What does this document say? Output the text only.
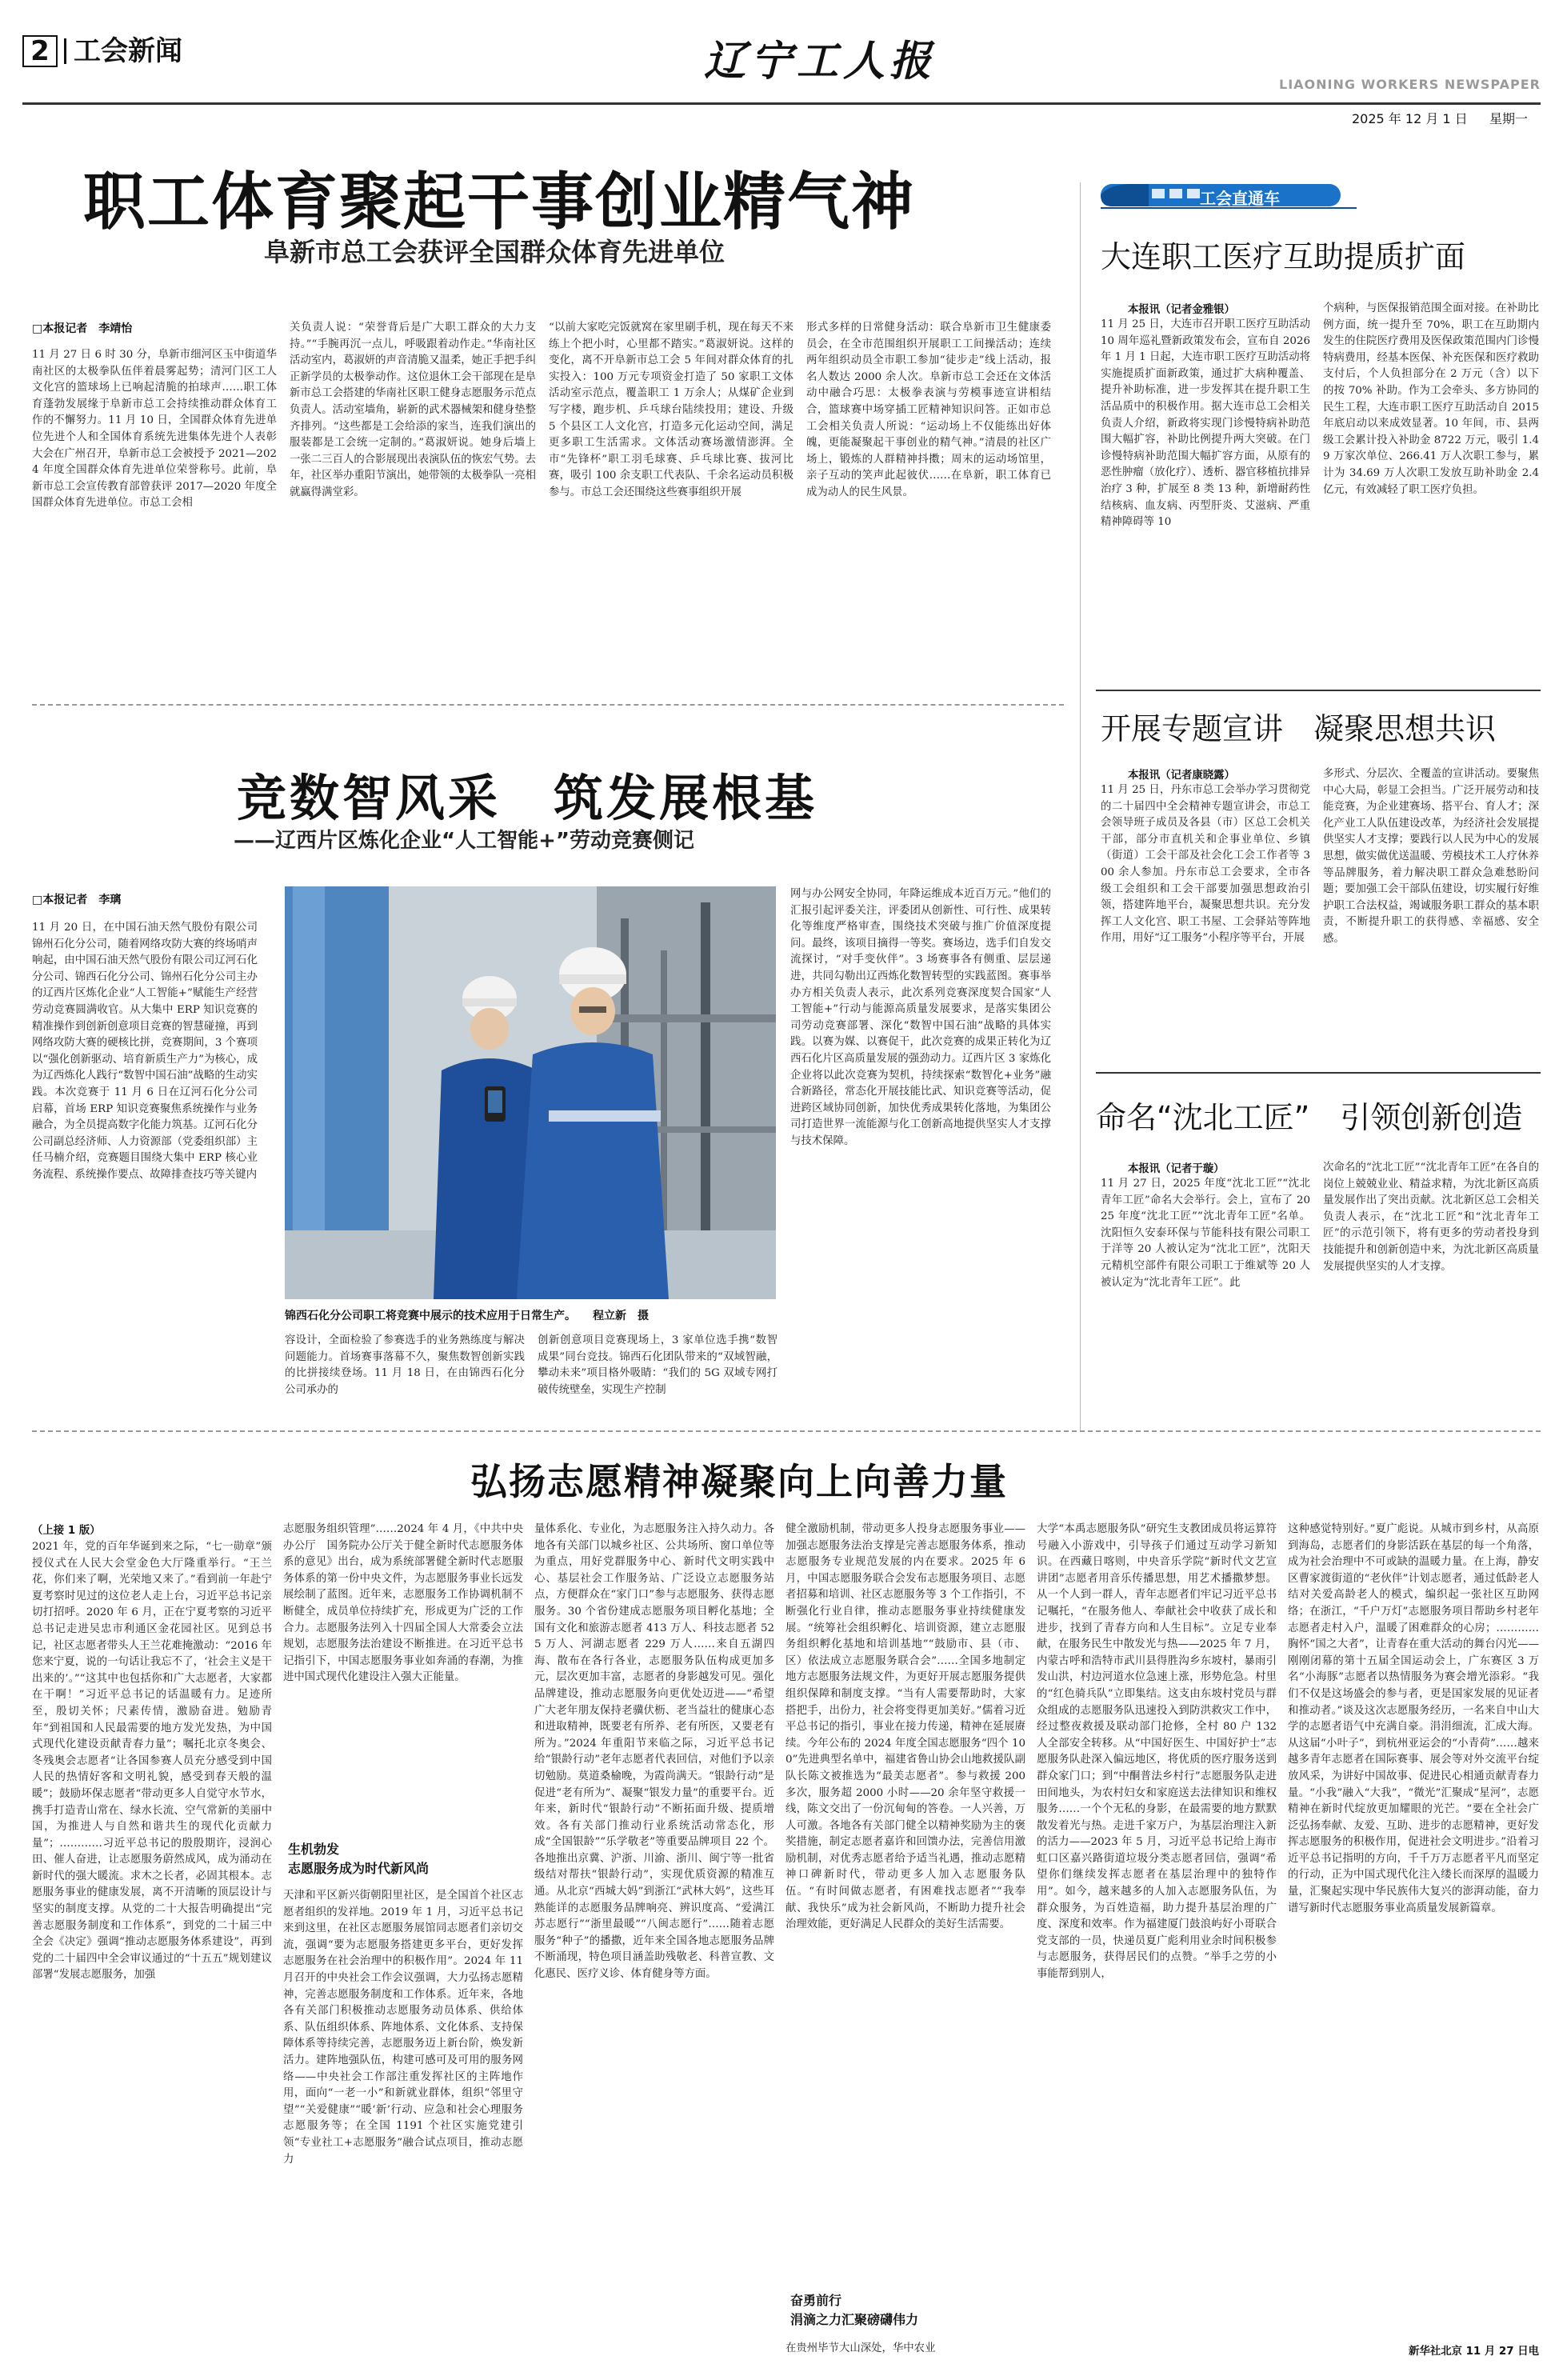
2 工会新闻	辽宁工人报	LIAONING WORKERS NEWSPAPER
星期一
2025 年 12 月 1 日
职工体育聚起干事创业精气神
阜新市总工会获评全国群众体育先进单位
□本报记者　李靖怡
11 月 27 日 6 时 30 分，阜新市细河区玉中街道华南社区的太极拳队伍伴着晨雾起势；清河门区工人文化宫的篮球场上已响起清脆的拍球声……职工体育蓬勃发展缘于阜新市总工会持续推动群众体育工作的不懈努力。11 月 10 日，全国群众体育先进单位先进个人和全国体育系统先进集体先进个人表彰大会在广州召开，阜新市总工会被授予 2021—2024 年度全国群众体育先进单位荣誉称号。此前，阜新市总工会宣传教育部曾获评 2017—2020 年度全国群众体育先进单位。市总工会相
关负责人说：“荣誉背后是广大职工群众的大力支持。”“手腕再沉一点儿，呼吸跟着动作走。”华南社区活动室内，葛淑妍的声音清脆又温柔，她正手把手纠正新学员的太极拳动作。这位退休工会干部现在是阜新市总工会搭建的华南社区职工健身志愿服务示范点负责人。活动室墙角，崭新的武术器械架和健身垫整齐排列。“这些都是工会给添的家当，连我们演出的服装都是工会统一定制的。”葛淑妍说。她身后墙上一张二三百人的合影展现出表演队伍的恢宏气势。去年，社区举办重阳节演出，她带领的太极拳队一亮相就赢得满堂彩。
“以前大家吃完饭就窝在家里刷手机，现在每天不来练上个把小时，心里都不踏实。”葛淑妍说。这样的变化，离不开阜新市总工会 5 年间对群众体育的扎实投入：100 万元专项资金打造了 50 家职工文体活动室示范点，覆盖职工 1 万余人；从煤矿企业到写字楼，跑步机、乒乓球台陆续投用；建设、升级 5 个县区工人文化宫，打造多元化运动空间，满足更多职工生活需求。文体活动赛场激情澎湃。全市“先锋杯”职工羽毛球赛、乒乓球比赛、拔河比赛，吸引 100 余支职工代表队、千余名运动员积极参与。市总工会还围绕这些赛事组织开展
形式多样的日常健身活动：联合阜新市卫生健康委员会，在全市范围组织开展职工工间操活动；连续两年组织动员全市职工参加“徒步走”线上活动，报名人数达 2000 余人次。阜新市总工会还在文体活动中融合巧思：太极拳表演与劳模事迹宣讲相结合，篮球赛中场穿插工匠精神知识问答。正如市总工会相关负责人所说：“运动场上不仅能练出好体魄，更能凝聚起干事创业的精气神。”清晨的社区广场上，锻炼的人群精神抖擞；周末的运动场馆里，亲子互动的笑声此起彼伏……在阜新，职工体育已成为动人的民生风景。
工会直通车
大连职工医疗互助提质扩面
本报讯（记者金雅银）
11 月 25 日，大连市召开职工医疗互助活动 10 周年巡礼暨新政策发布会，宣布自 2026 年 1 月 1 日起，大连市职工医疗互助活动将实施提质扩面新政策，通过扩大病种覆盖、提升补助标准，进一步发挥其在提升职工生活品质中的积极作用。据大连市总工会相关负责人介绍，新政将实现门诊慢特病补助范围大幅扩容，补助比例提升两大突破。在门诊慢特病补助范围大幅扩容方面，从原有的恶性肿瘤（放化疗）、透析、器官移植抗排异治疗 3 种，扩展至 8 类 13 种，新增耐药性结核病、血友病、丙型肝炎、艾滋病、严重精神障碍等 10
个病种，与医保报销范围全面对接。在补助比例方面，统一提升至 70%，职工在互助期内发生的住院医疗费用及医保政策范围内门诊慢特病费用，经基本医保、补充医保和医疗救助支付后，个人负担部分在 2 万元（含）以下的按 70% 补助。作为工会牵头、多方协同的民生工程，大连市职工医疗互助活动自 2015 年底启动以来成效显著。10 年间，市、县两级工会累计投入补助金 8722 万元，吸引 1.49 万家次单位、266.41 万人次职工参与，累计为 34.69 万人次职工发放互助补助金 2.4 亿元，有效减轻了职工医疗负担。
开展专题宣讲　凝聚思想共识
本报讯（记者康晓露）
11 月 25 日，丹东市总工会举办学习贯彻党的二十届四中全会精神专题宣讲会，市总工会领导班子成员及各县（市）区总工会机关干部，部分市直机关和企事业单位、乡镇（街道）工会干部及社会化工会工作者等 300 余人参加。丹东市总工会要求，全市各级工会组织和工会干部要加强思想政治引领，搭建阵地平台，凝聚思想共识。充分发挥工人文化宫、职工书屋、工会驿站等阵地作用，用好“辽工服务”小程序等平台，开展
多形式、分层次、全覆盖的宣讲活动。要聚焦中心大局，彰显工会担当。广泛开展劳动和技能竞赛，为企业建赛场、搭平台、育人才；深化产业工人队伍建设改革，为经济社会发展提供坚实人才支撑；要践行以人民为中心的发展思想，做实做优送温暖、劳模技术工人疗休养等品牌服务，着力解决职工群众急难愁盼问题；要加强工会干部队伍建设，切实履行好维护职工合法权益，竭诚服务职工群众的基本职责，不断提升职工的获得感、幸福感、安全感。
命名“沈北工匠”　引领创新创造
本报讯（记者于璇）
11 月 27 日，2025 年度“沈北工匠”“沈北青年工匠”命名大会举行。会上，宣布了 2025 年度“沈北工匠”“沈北青年工匠”名单。沈阳恒久安泰环保与节能科技有限公司职工于洋等 20 人被认定为“沈北工匠”，沈阳天元精机空部件有限公司职工于维斌等 20 人被认定为“沈北青年工匠”。此
次命名的“沈北工匠”“沈北青年工匠”在各自的岗位上兢兢业业、精益求精，为沈北新区高质量发展作出了突出贡献。沈北新区总工会相关负责人表示，在“沈北工匠”和“沈北青年工匠”的示范引领下，将有更多的劳动者投身到技能提升和创新创造中来，为沈北新区高质量发展提供坚实的人才支撑。
竞数智风采　筑发展根基
——辽西片区炼化企业“人工智能+”劳动竞赛侧记
□本报记者　李璃
11 月 20 日，在中国石油天然气股份有限公司锦州石化分公司，随着网络攻防大赛的终场哨声响起，由中国石油天然气股份有限公司辽河石化分公司、锦西石化分公司、锦州石化分公司主办的辽西片区炼化企业“人工智能+”赋能生产经营劳动竞赛圆满收官。从大集中 ERP 知识竞赛的精准操作到创新创意项目竞赛的智慧碰撞，再到网络攻防大赛的硬核比拼，竞赛期间，3 个赛项以“强化创新驱动、培育新质生产力”为核心，成为辽西炼化人践行“数智中国石油”战略的生动实践。本次竞赛于 11 月 6 日在辽河石化分公司启幕，首场 ERP 知识竞赛聚焦系统操作与业务融合，为全员提高数字化能力筑基。辽河石化分公司副总经济师、人力资源部（党委组织部）主任马楠介绍，竞赛题目围绕大集中 ERP 核心业务流程、系统操作要点、故障排查技巧等关键内
锦西石化分公司职工将竞赛中展示的技术应用于日常生产。　　程立新　摄
容设计，全面检验了参赛选手的业务熟练度与解决问题能力。首场赛事落幕不久，聚焦数智创新实践的比拼接续登场。11 月 18 日，在由锦西石化分公司承办的
创新创意项目竞赛现场上，3 家单位选手携“数智成果”同台竞技。锦西石化团队带来的“双域智融，攀动未来”项目格外吸睛：“我们的 5G 双域专网打破传统壁垒，实现生产控制
网与办公网安全协同，年降运维成本近百万元。”他们的汇报引起评委关注，评委团从创新性、可行性、成果转化等维度严格审查，围绕技术突破与推广价值深度提问。最终，该项目摘得一等奖。赛场边，选手们自发交流探讨，“对手变伙伴”。3 场赛事各有侧重、层层递进，共同勾勒出辽西炼化数智转型的实践蓝图。赛事举办方相关负责人表示，此次系列竞赛深度契合国家“人工智能+”行动与能源高质量发展要求，是落实集团公司劳动竞赛部署、深化“数智中国石油”战略的具体实践。以赛为媒、以赛促干，此次竞赛的成果正转化为辽西石化片区高质量发展的强劲动力。辽西片区 3 家炼化企业将以此次竞赛为契机，持续探索“数智化+业务”融合新路径，常态化开展技能比武、知识竞赛等活动，促进跨区域协同创新，加快优秀成果转化落地，为集团公司打造世界一流能源与化工创新高地提供坚实人才支撑与技术保障。
弘扬志愿精神凝聚向上向善力量
（上接 1 版）
2021 年，党的百年华诞到来之际，“七一勋章”颁授仪式在人民大会堂金色大厅隆重举行。“王兰花，你们来了啊，光荣地又来了。”看到前一年赴宁夏考察时见过的这位老人走上台，习近平总书记亲切打招呼。2020 年 6 月，正在宁夏考察的习近平总书记走进吴忠市利通区金花园社区。见到总书记，社区志愿者带头人王兰花难掩激动：“2016 年您来宁夏，说的一句话让我忘不了，‘社会主义是干出来的’。”“这其中也包括你和广大志愿者，大家都在干啊！”习近平总书记的话温暖有力。足迹所至，殷切关怀；尺素传情，激励奋进。勉励青年“到祖国和人民最需要的地方发光发热，为中国式现代化建设贡献青春力量”；嘱托北京冬奥会、冬残奥会志愿者“让各国参赛人员充分感受到中国人民的热情好客和文明礼貌，感受到春天般的温暖”；鼓励坏保志愿者“带动更多人自觉守水节水，携手打造青山常在、绿水长流、空气常新的美丽中国，为推进人与自然和谐共生的现代化贡献力量”；…………习近平总书记的殷殷期许，浸润心田、催人奋进，让志愿服务蔚然成风，成为涌动在新时代的强大暖流。求木之长者，必固其根本。志愿服务事业的健康发展，离不开清晰的顶层设计与坚实的制度支撑。从党的二十大报告明确提出“完善志愿服务制度和工作体系”，到党的二十届三中全会《决定》强调“推动志愿服务体系建设”，再到党的二十届四中全会审议通过的“十五五”规划建议部署“发展志愿服务，加强
志愿服务组织管理”……2024 年 4 月，《中共中央办公厅　国务院办公厅关于健全新时代志愿服务体系的意见》出台，成为系统部署健全新时代志愿服务体系的第一份中央文件，为志愿服务事业长远发展绘制了蓝图。近年来，志愿服务工作协调机制不断健全，成员单位持续扩充，形成更为广泛的工作合力。志愿服务法列入十四届全国人大常委会立法规划，志愿服务法治建设不断推进。在习近平总书记指引下，中国志愿服务事业如奔涌的春潮，为推进中国式现代化建设注入强大正能量。
生机勃发
志愿服务成为时代新风尚
天津和平区新兴街朝阳里社区，是全国首个社区志愿者组织的发祥地。2019 年 1 月，习近平总书记来到这里，在社区志愿服务展馆同志愿者们亲切交流，强调“要为志愿服务搭建更多平台，更好发挥志愿服务在社会治理中的积极作用”。2024 年 11 月召开的中央社会工作会议强调，大力弘扬志愿精神，完善志愿服务制度和工作体系。近年来，各地各有关部门积极推动志愿服务动员体系、供给体系、队伍组织体系、阵地体系、文化体系、支持保障体系等持续完善，志愿服务迈上新台阶，焕发新活力。建阵地强队伍，构建可感可及可用的服务网络——中央社会工作部注重发挥社区的主阵地作用，面向“一老一小”和新就业群体，组织“邻里守望”“关爱健康”“暖‘新’行动、应急和社会心理服务志愿服务等；在全国 1191 个社区实施党建引领“专业社工+志愿服务”融合试点项目，推动志愿力
量体系化、专业化，为志愿服务注入持久动力。各地各有关部门以城乡社区、公共场所、窗口单位等为重点，用好党群服务中心、新时代文明实践中心、基层社会工作服务站、广泛设立志愿服务站点，方便群众在“家门口”参与志愿服务、获得志愿服务。30 个省份建成志愿服务项目孵化基地；全国有文化和旅游志愿者 413 万人、科技志愿者 525 万人、河湖志愿者 229 万人……来自五湖四海、散布在各行各业，志愿服务队伍构成更加多元，层次更加丰富，志愿者的身影越发可见。强化品牌建设，推动志愿服务向更优处迈进——“希望广大老年朋友保持老骥伏枥、老当益壮的健康心态和进取精神，既要老有所养、老有所医，又要老有所为。”2024 年重阳节来临之际，习近平总书记给“银龄行动”老年志愿者代表回信，对他们予以亲切勉励。莫道桑榆晚，为霞尚满天。“银龄行动”是促进“老有所为”、凝聚“银发力量”的重要平台。近年来，新时代“银龄行动”不断拓面升级、提质增效。各有关部门推动行业系统活动常态化，形成“全国银龄”“乐学敬老”等重要品牌项目 22 个。各地推出京冀、沪浙、川渝、浙川、闽宁等一批省级结对帮扶“银龄行动”，实现优质资源的精准互通。从北京“西城大妈”到浙江“武林大妈”，这些耳熟能详的志愿服务品牌响亮、辨识度高、“爱满江苏志愿行”“浙里最暖”“八闽志愿行”……随着志愿服务“种子”的播撒，近年来全国各地志愿服务品牌不断涌现，特色项目涵盖助残敬老、科普宣教、文化惠民、医疗义诊、体育健身等方面。
健全激励机制，带动更多人投身志愿服务事业——加强志愿服务法治支撑是完善志愿服务体系，推动志愿服务专业规范发展的内在要求。2025 年 6 月，中国志愿服务联合会发布志愿服务项目、志愿者招募和培训、社区志愿服务等 3 个工作指引，不断强化行业自律，推动志愿服务事业持续健康发展。“统筹社会组织孵化、培训资源，建立志愿服务组织孵化基地和培训基地”“鼓励市、县（市、区）依法成立志愿服务联合会”……全国多地制定地方志愿服务法规文件，为更好开展志愿服务提供组织保障和制度支撑。“当有人需要帮助时，大家搭把手，出份力，社会将变得更加美好。”儒着习近平总书记的指引，事业在接力传递，精神在延展赓续。今年公布的 2024 年度全国志愿服务“四个 100”先进典型名单中，福建省鲁山协会山地救援队副队长陈文被推选为“最美志愿者”。参与救援 200 多次，服务超 2000 小时——20 余年坚守救援一线，陈文交出了一份沉甸甸的答卷。一人兴善，万人可激。各地各有关部门健全以精神奖励为主的褒奖措施，制定志愿者嘉许和回馈办法，完善信用激励机制，对优秀志愿者给予适当礼遇，推动志愿精神口碑新时代，带动更多人加入志愿服务队伍。“有时间做志愿者，有困难找志愿者”“我奉献、我快乐”成为社会新风尚，不断助力提升社会治理效能，更好满足人民群众的美好生活需要。
奋勇前行
涓滴之力汇聚磅礴伟力
在贵州毕节大山深处，华中农业
大学“本禹志愿服务队”研究生支教团成员将运算符号融入小游戏中，引导孩子们通过互动学习新知识。在西藏日喀则，中央音乐学院“新时代文艺宣讲团”志愿者用音乐传播思想，用艺术播撒梦想。从一个人到一群人，青年志愿者们牢记习近平总书记嘱托，“在服务他人、奉献社会中收获了成长和进步，找到了青春方向和人生目标”。立足专业奉献，在服务民生中散发光与热——2025 年 7 月，内蒙古呼和浩特市武川县得胜沟乡东坡村，暴雨引发山洪，村边河道水位急速上涨，形势危急。村里的“红色骑兵队”立即集结。这支由东坡村党员与群众组成的志愿服务队迅速投入到防洪救灾工作中，经过整夜救援及联动部门抢修，全村 80 户 132 人全部安全转移。从“中国好医生、中国好护士”志愿服务队赴深入偏远地区，将优质的医疗服务送到群众家门口；到“中酮普法乡村行”志愿服务队走进田间地头，为农村妇女和家庭送去法律知识和维权服务……一个个无私的身影，在最需要的地方默默散发着光与热。走进千家万户，为基层治理注入新的活力——2023 年 5 月，习近平总书记给上海市虹口区嘉兴路街道垃圾分类志愿者回信，强调“希望你们继续发挥志愿者在基层治理中的独特作用”。如今，越来越多的人加入志愿服务队伍，为群众服务，为百姓造福，助力提升基层治理的广度、深度和效率。作为福建厦门鼓浪屿好小哥联合党支部的一员，快递员夏广彪利用业余时间积极参与志愿服务，获得居民们的点赞。“举手之劳的小事能帮到别人，
这种感觉特别好。”夏广彪说。从城市到乡村，从高原到海岛，志愿者们的身影活跃在基层的每一个角落，成为社会治理中不可或缺的温暖力量。在上海，静安区曹家渡街道的“老伙伴”计划志愿者，通过低龄老人结对关爱高龄老人的模式，编织起一张社区互助网络；在浙江，“千户万灯”志愿服务项目帮助乡村老年志愿者走村入户，温暖了困难群众的心房；…………胸怀“国之大者”，让青春在重大活动的舞台闪光——刚刚闭幕的第十五届全国运动会上，广东赛区 3 万名“小海豚”志愿者以热情服务为赛会增光添彩。“我们不仅是这场盛会的参与者，更是国家发展的见证者和推动者。”谈及这次志愿服务经历，一名来自中山大学的志愿者语气中充满自豪。涓涓细流，汇成大海。从这届“小叶子”，到杭州亚运会的“小青荷”……越来越多青年志愿者在国际赛事、展会等对外交流平台绽放风采，为讲好中国故事、促进民心相通贡献青春力量。“小我”融入“大我”，“微光”汇聚成“星河”，志愿精神在新时代绽放更加耀眼的光芒。“要在全社会广泛弘扬奉献、友爱、互助、进步的志愿精神，更好发挥志愿服务的积极作用，促进社会文明进步。”沿着习近平总书记指明的方向，千千万万志愿者平凡而坚定的行动，正为中国式现代化注入缕长而深厚的温暖力量，汇聚起实现中华民族伟大复兴的澎湃动能，奋力谱写新时代志愿服务事业高质量发展新篇章。
新华社北京 11 月 27 日电
